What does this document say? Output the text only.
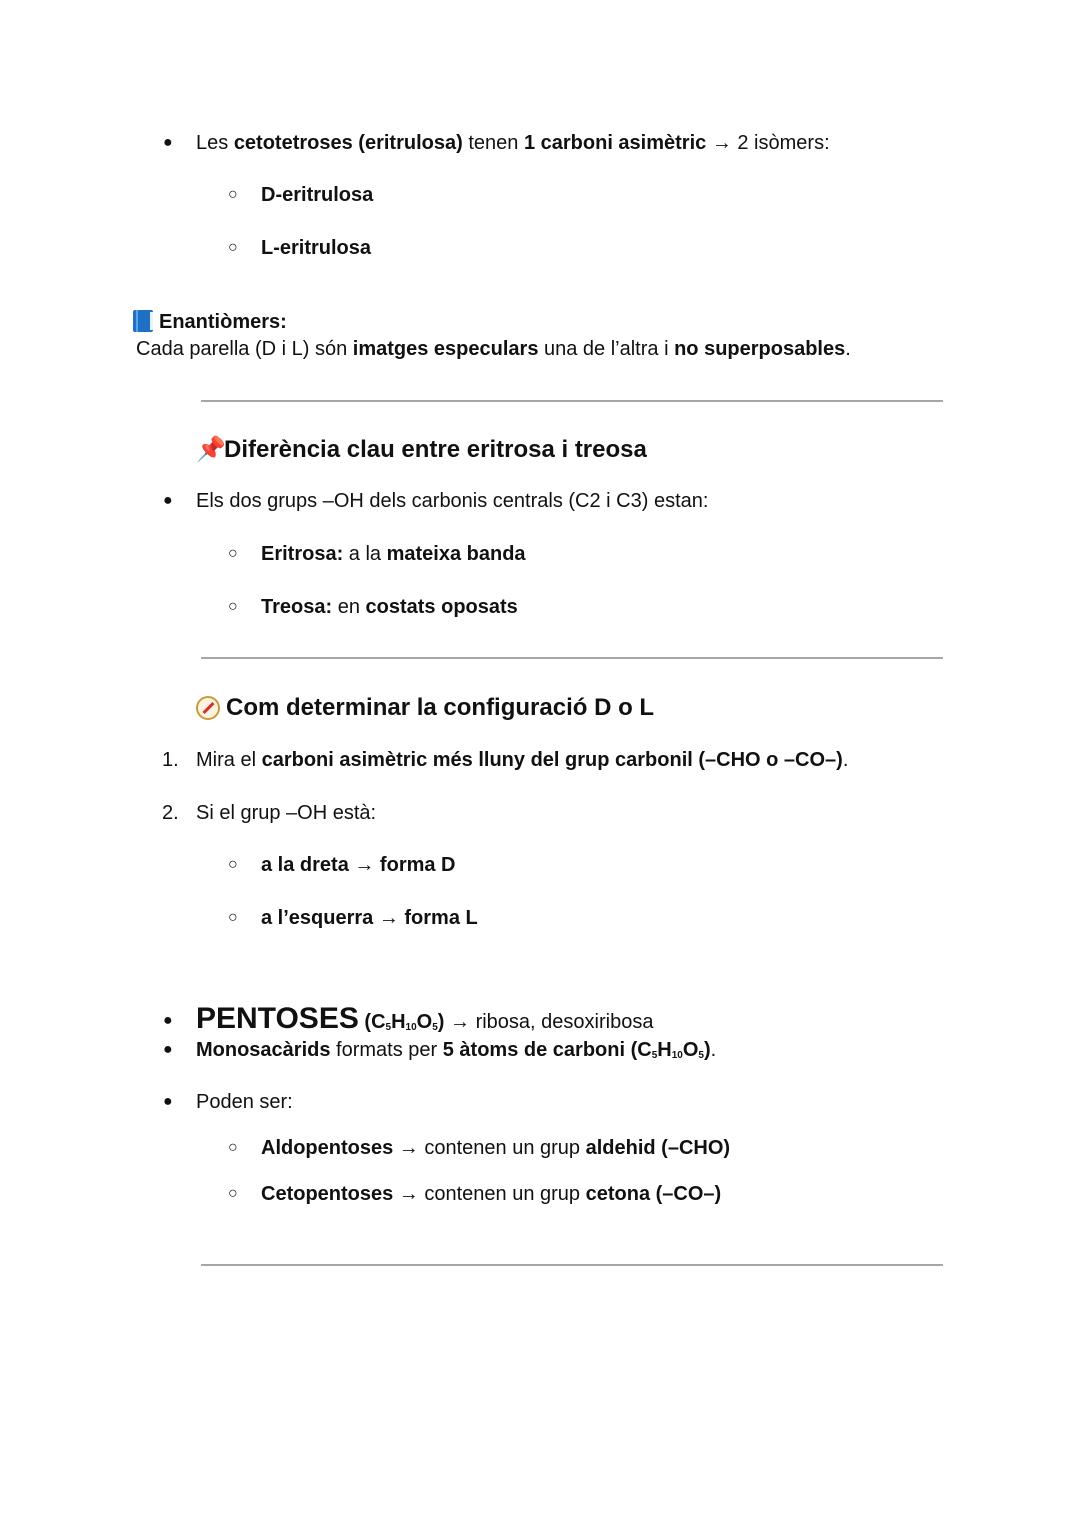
● Les cetotetroses (eritrulosa) tenen 1 carboni asimètric → 2 isòmers:
○ D-eritrulosa
○ L-eritrulosa
Enantiòmers:
Cada parella (D i L) són imatges especulars una de l’altra i no superposables.
📌Diferència clau entre eritrosa i treosa
● Els dos grups –OH dels carbonis centrals (C2 i C3) estan:
○ Eritrosa: a la mateixa banda
○ Treosa: en costats oposats
Com determinar la configuració D o L
1. Mira el carboni asimètric més lluny del grup carbonil (–CHO o –CO–).
2. Si el grup –OH està:
○ a la dreta → forma D
○ a l’esquerra → forma L
● PENTOSES (C5H10O5) → ribosa, desoxiribosa
● Monosacàrids formats per 5 àtoms de carboni (C5H10O5).
● Poden ser:
○ Aldopentoses → contenen un grup aldehid (–CHO)
○ Cetopentoses → contenen un grup cetona (–CO–)
